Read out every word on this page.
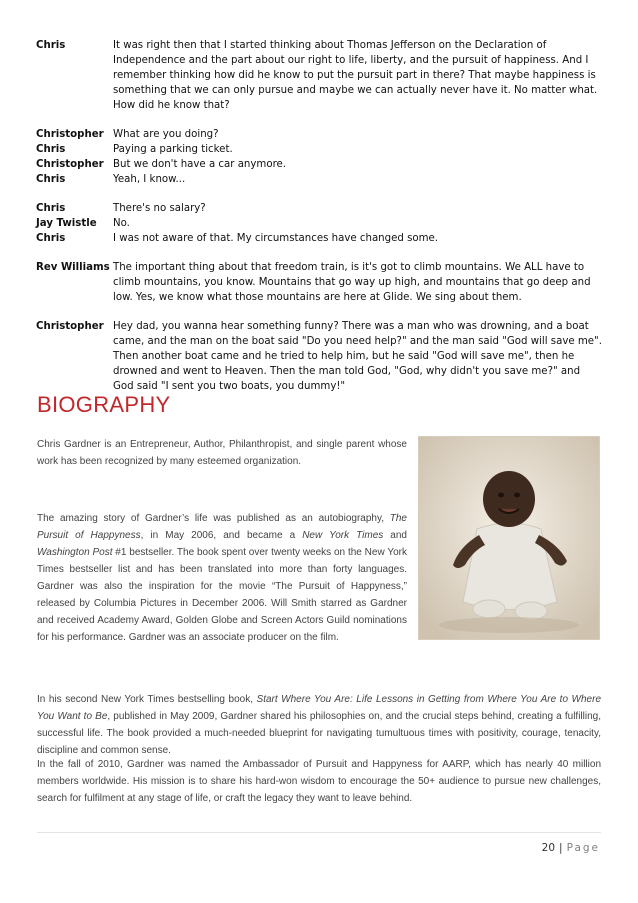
Chris	It was right then that I started thinking about Thomas Jefferson on the Declaration of Independence and the part about our right to life, liberty, and the pursuit of happiness. And I remember thinking how did he know to put the pursuit part in there? That maybe happiness is something that we can only pursue and maybe we can actually never have it. No matter what. How did he know that?
Christopher What are you doing?
Chris	Paying a parking ticket.
Christopher But we don't have a car anymore.
Chris	Yeah, I know...
Chris	There's no salary?
Jay Twistle	No.
Chris	I was not aware of that. My circumstances have changed some.
Rev Williams The important thing about that freedom train, is it's got to climb mountains. We ALL have to climb mountains, you know. Mountains that go way up high, and mountains that go deep and low. Yes, we know what those mountains are here at Glide. We sing about them.
Christopher Hey dad, you wanna hear something funny? There was a man who was drowning, and a boat came, and the man on the boat said "Do you need help?" and the man said "God will save me". Then another boat came and he tried to help him, but he said "God will save me", then he drowned and went to Heaven. Then the man told God, "God, why didn't you save me?" and God said "I sent you two boats, you dummy!"
BIOGRAPHY

Chris Gardner is an Entrepreneur, Author, Philanthropist, and single parent whose work has been recognized by many esteemed organization.

The amazing story of Gardner’s life was published as an autobiography, The Pursuit of Happyness, in May 2006, and became a New York Times and Washington Post #1 bestseller. The book spent over twenty weeks on the New York Times bestseller list and has been translated into more than forty languages. Gardner was also the inspiration for the movie “The Pursuit of Happyness,” released by Columbia Pictures in December 2006. Will Smith starred as Gardner and received Academy Award, Golden Globe and Screen Actors Guild nominations for his performance. Gardner was an associate producer on the film.

In his second New York Times bestselling book, Start Where You Are: Life Lessons in Getting from Where You Are to Where You Want to Be, published in May 2009, Gardner shared his philosophies on, and the crucial steps behind, creating a fulfilling, successful life. The book provided a much-needed blueprint for navigating tumultuous times with positivity, courage, tenacity, discipline and common sense.

In the fall of 2010, Gardner was named the Ambassador of Pursuit and Happyness for AARP, which has nearly 40 million members worldwide. His mission is to share his hard-won wisdom to encourage the 50+ audience to pursue new challenges, search for fulfilment at any stage of life, or craft the legacy they want to leave behind.

20 | Page
